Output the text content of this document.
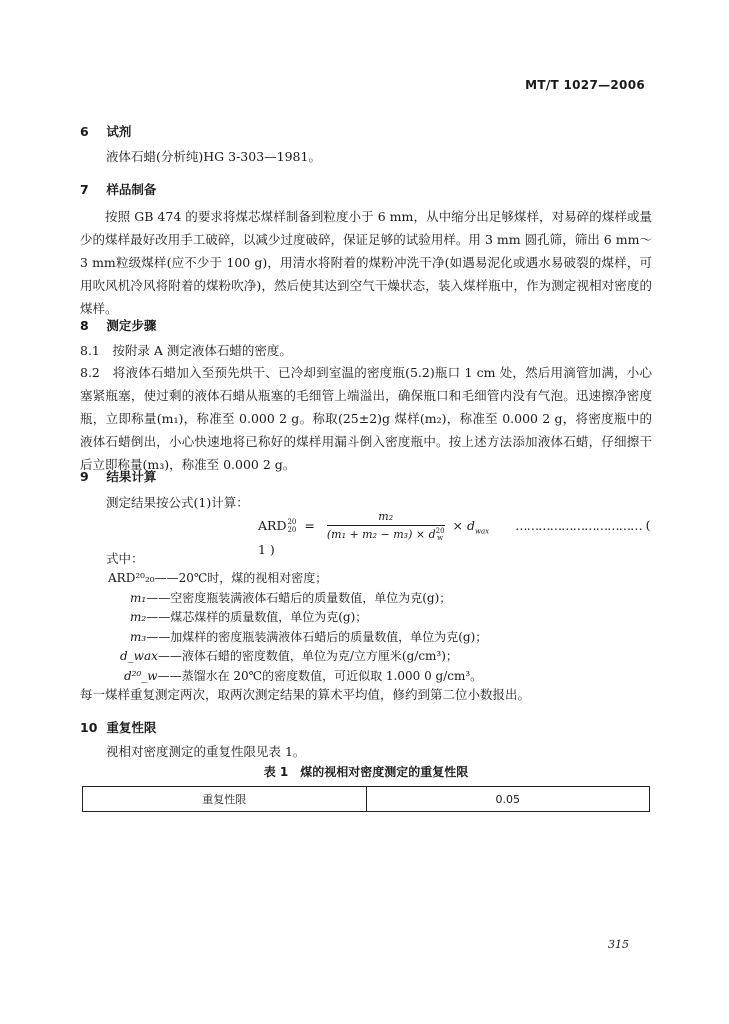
MT/T 1027—2006
6 试剂
液体石蜡(分析纯)HG 3-303—1981。
7 样品制备
按照 GB 474 的要求将煤芯煤样制备到粒度小于 6 mm，从中缩分出足够煤样，对易碎的煤样或量少的煤样最好改用手工破碎，以减少过度破碎，保证足够的试验用样。用 3 mm 圆孔筛，筛出 6 mm～3 mm粒级煤样(应不少于 100 g)，用清水将附着的煤粉冲洗干净(如遇易泥化或遇水易破裂的煤样，可用吹风机冷风将附着的煤粉吹净)，然后使其达到空气干燥状态，装入煤样瓶中，作为测定视相对密度的煤样。
8 测定步骤
8.1　按附录 A 测定液体石蜡的密度。
8.2　将液体石蜡加入至预先烘干、已冷却到室温的密度瓶(5.2)瓶口 1 cm 处，然后用滴管加满，小心塞紧瓶塞，使过剩的液体石蜡从瓶塞的毛细管上端溢出，确保瓶口和毛细管内没有气泡。迅速擦净密度瓶，立即称量(m₁)，称准至 0.000 2 g。称取(25±2)g 煤样(m₂)，称准至 0.000 2 g，将密度瓶中的液体石蜡倒出，小心快速地将已称好的煤样用漏斗倒入密度瓶中。按上述方法添加液体石蜡，仔细擦干后立即称量(m₃)，称准至 0.000 2 g。
9 结果计算
测定结果按公式(1)计算：
ARD 20
20 = m₂
(m₁ + m₂ − m₃) × d 20
$w \times d_{wax}$ …………………………… ( 1 )
式中：
ARD²⁰₂₀——20℃时，煤的视相对密度；
m₁——空密度瓶装满液体石蜡后的质量数值，单位为克(g)；
m₂——煤芯煤样的质量数值，单位为克(g)；
m₃——加煤样的密度瓶装满液体石蜡后的质量数值，单位为克(g)；
d_wax——液体石蜡的密度数值，单位为克/立方厘米(g/cm³)；
d²⁰_w——蒸馏水在 20℃的密度数值，可近似取 1.000 0 g/cm³。
每一煤样重复测定两次，取两次测定结果的算术平均值，修约到第二位小数报出。
10 重复性限
视相对密度测定的重复性限见表 1。
表 1　煤的视相对密度测定的重复性限
重复性限	0.05
315
